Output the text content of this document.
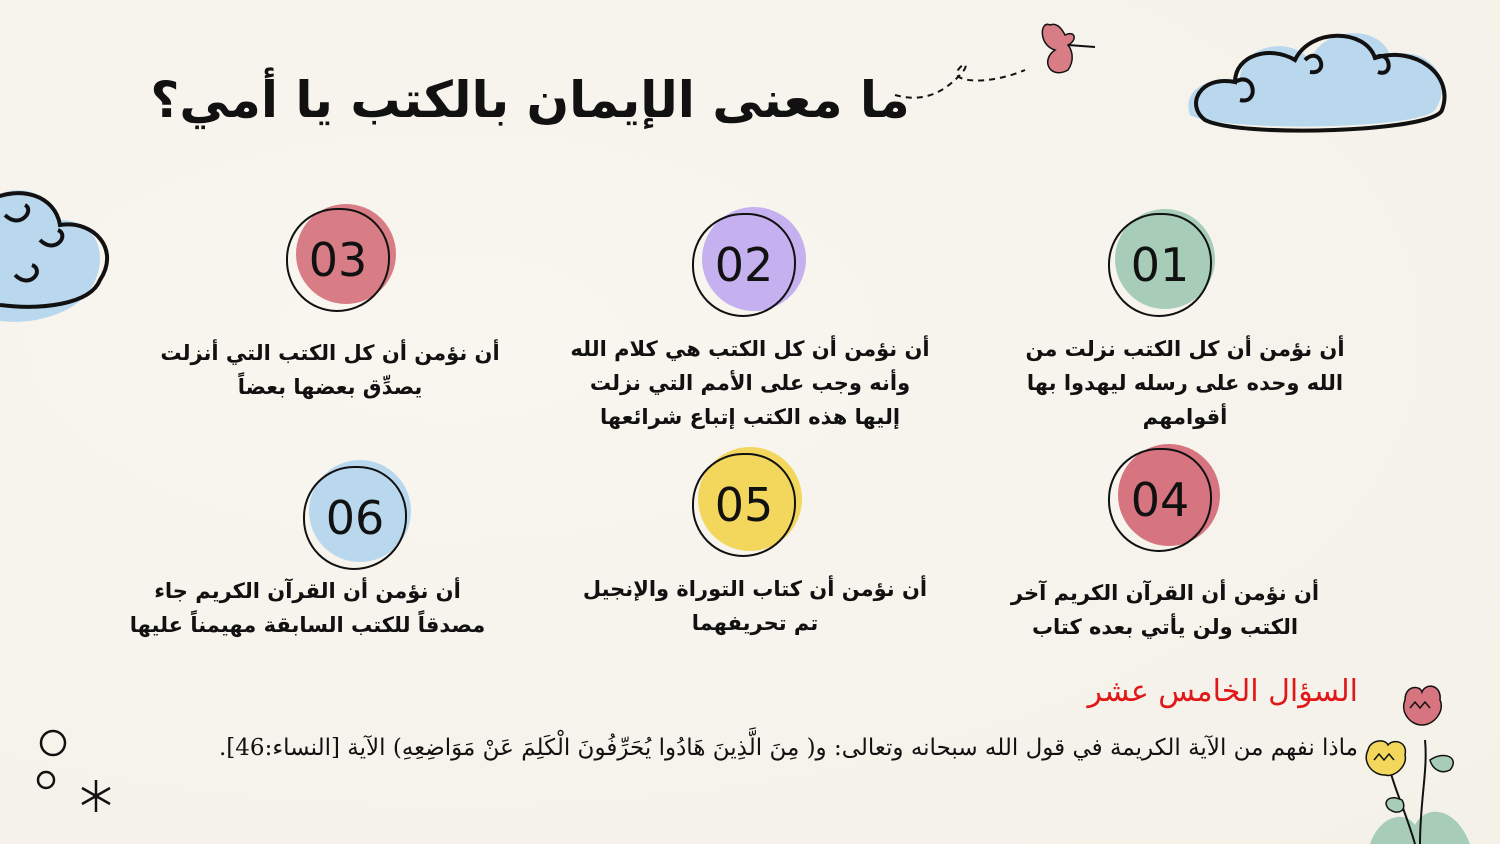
ما معنى الإيمان بالكتب يا أمي؟
01
أن نؤمن أن كل الكتب نزلت من الله وحده على رسله ليهدوا بها أقوامهم
02
أن نؤمن أن كل الكتب هي كلام الله وأنه وجب على الأمم التي نزلت إليها هذه الكتب إتباع شرائعها
03
أن نؤمن أن كل الكتب التي أنزلت يصدِّق بعضها بعضاً
04
أن نؤمن أن القرآن الكريم آخر الكتب ولن يأتي بعده كتاب
05
أن نؤمن أن كتاب التوراة والإنجيل تم تحريفهما
06
أن نؤمن أن القرآن الكريم جاء مصدقاً للكتب السابقة مهيمناً عليها
السؤال الخامس عشر
ماذا نفهم من الآية الكريمة في قول الله سبحانه وتعالى: و( مِنَ الَّذِينَ هَادُوا يُحَرِّفُونَ الْكَلِمَ عَنْ مَوَاضِعِهِ) الآية [النساء:46].
